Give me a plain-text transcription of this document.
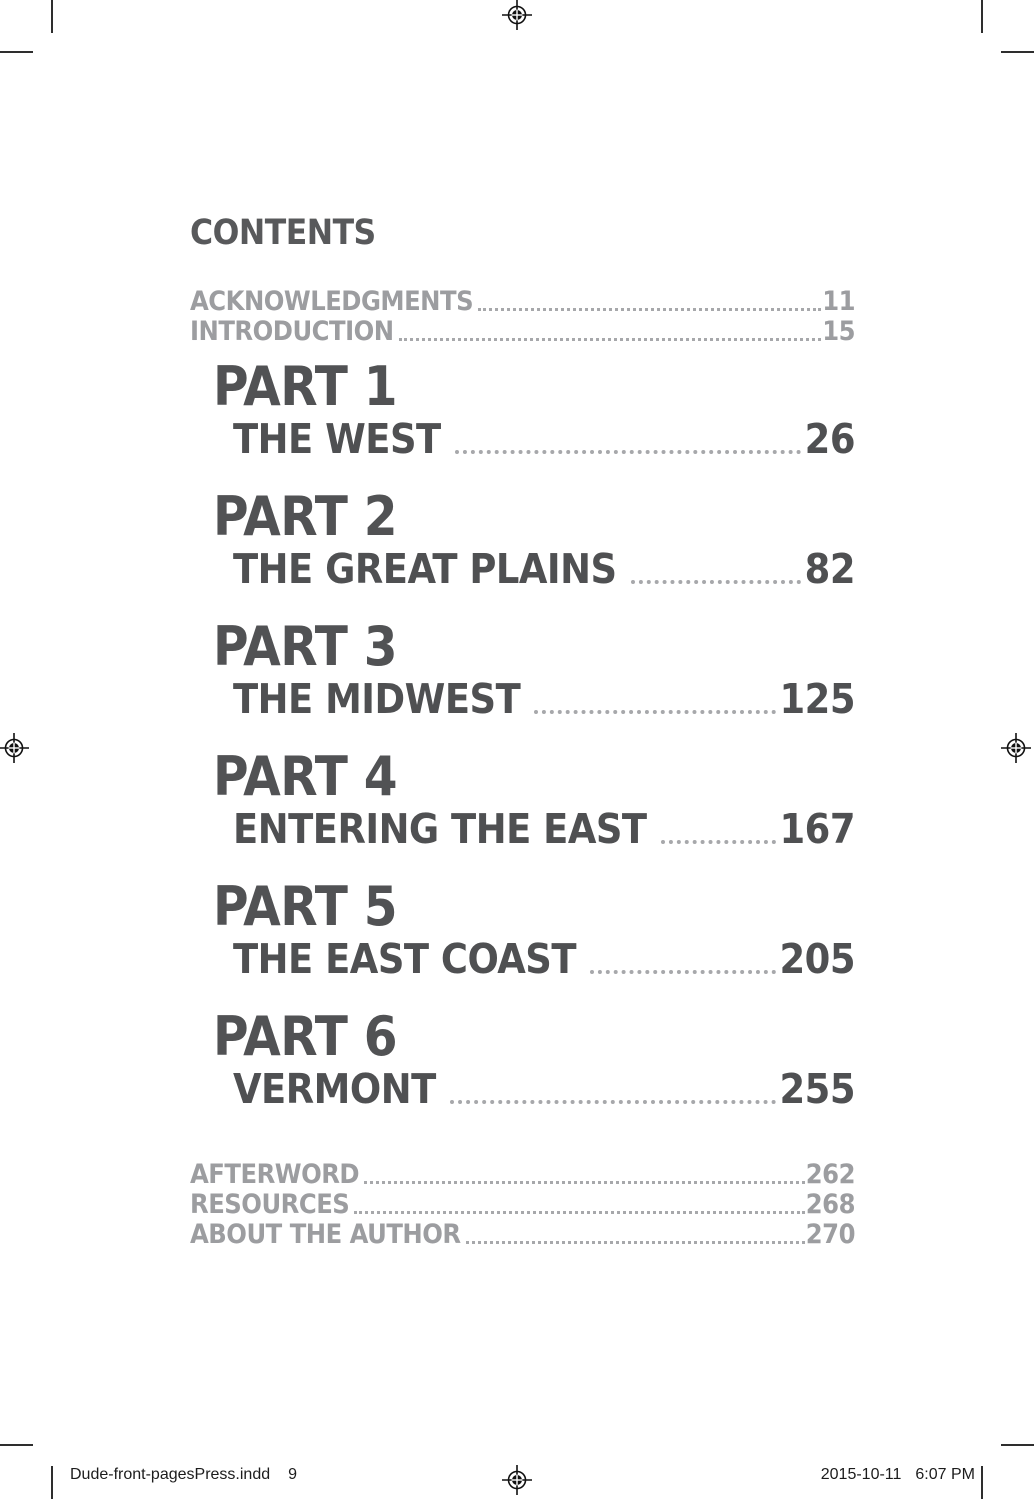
CONTENTS
ACKNOWLEDGMENTS	11
INTRODUCTION	15
PART 1
THE WEST	26
PART 2
THE GREAT PLAINS	82
PART 3
THE MIDWEST	125
PART 4
ENTERING THE EAST	167
PART 5
THE EAST COAST	205
PART 6
VERMONT	255
AFTERWORD	262
RESOURCES	268
ABOUT THE AUTHOR	270
Dude-front-pagesPress.indd 9	2015-10-11 6:07 PM
